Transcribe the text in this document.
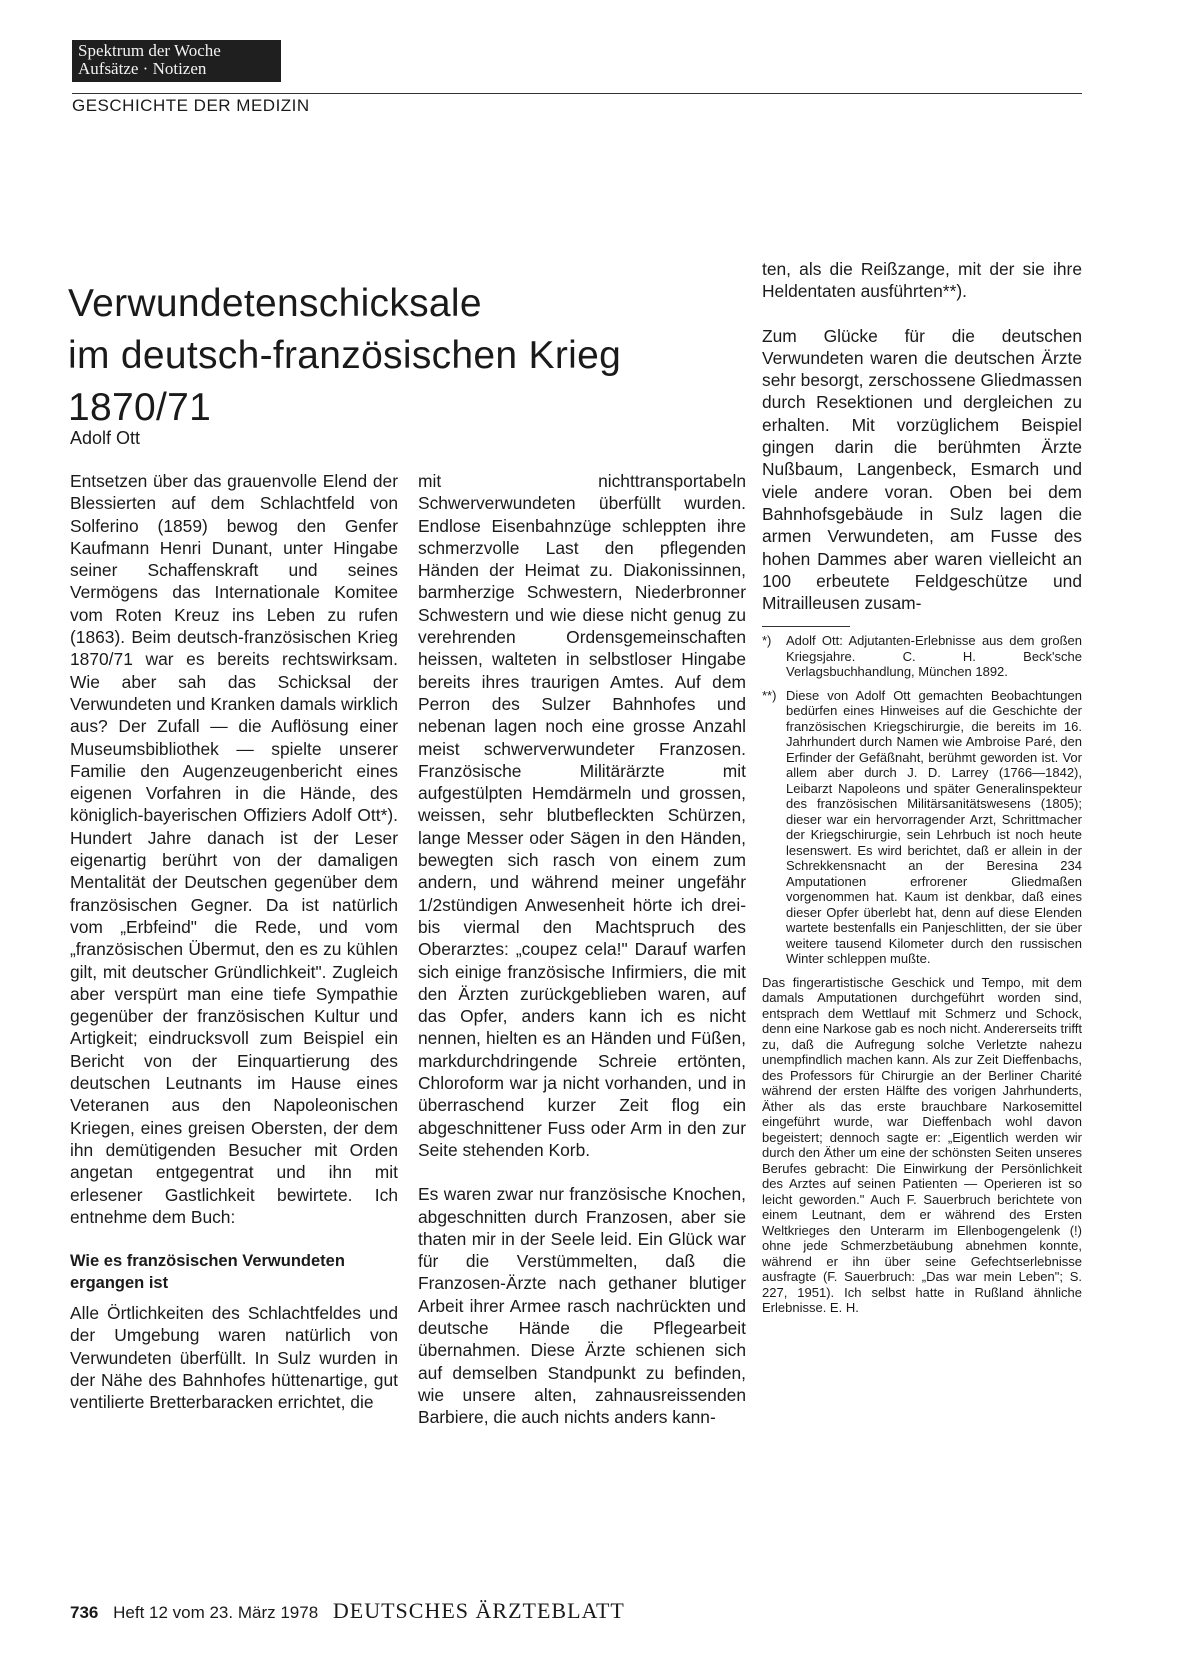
Spektrum der Woche
Aufsätze · Notizen
GESCHICHTE DER MEDIZIN
Verwundetenschicksale
im deutsch-französischen Krieg
1870/71
Adolf Ott

Entsetzen über das grauenvolle Elend der Blessierten auf dem Schlachtfeld von Solferino (1859) bewog den Genfer Kaufmann Henri Dunant, unter Hingabe seiner Schaffenskraft und seines Vermögens das Internationale Komitee vom Roten Kreuz ins Leben zu rufen (1863). Beim deutsch-französischen Krieg 1870/71 war es bereits rechtswirksam. Wie aber sah das Schicksal der Verwundeten und Kranken damals wirklich aus? Der Zufall — die Auflösung einer Museumsbibliothek — spielte unserer Familie den Augenzeugenbericht eines eigenen Vorfahren in die Hände, des königlich-bayerischen Offiziers Adolf Ott*). Hundert Jahre danach ist der Leser eigenartig berührt von der damaligen Mentalität der Deutschen gegenüber dem französischen Gegner. Da ist natürlich vom „Erbfeind" die Rede, und vom „französischen Übermut, den es zu kühlen gilt, mit deutscher Gründlichkeit". Zugleich aber verspürt man eine tiefe Sympathie gegenüber der französischen Kultur und Artigkeit; eindrucksvoll zum Beispiel ein Bericht von der Einquartierung des deutschen Leutnants im Hause eines Veteranen aus den Napoleonischen Kriegen, eines greisen Obersten, der dem ihn demütigenden Besucher mit Orden angetan entgegentrat und ihn mit erlesener Gastlichkeit bewirtete. Ich entnehme dem Buch:

Wie es französischen Verwundeten ergangen ist

Alle Örtlichkeiten des Schlachtfeldes und der Umgebung waren natürlich von Verwundeten überfüllt. In Sulz wurden in der Nähe des Bahnhofes hüttenartige, gut ventilierte Bretterbaracken errichtet, die

mit nichttransportabeln Schwerverwundeten überfüllt wurden. Endlose Eisenbahnzüge schleppten ihre schmerzvolle Last den pflegenden Händen der Heimat zu. Diakonissinnen, barmherzige Schwestern, Niederbronner Schwestern und wie diese nicht genug zu verehrenden Ordensgemeinschaften heissen, walteten in selbstloser Hingabe bereits ihres traurigen Amtes. Auf dem Perron des Sulzer Bahnhofes und nebenan lagen noch eine grosse Anzahl meist schwerverwundeter Franzosen. Französische Militärärzte mit aufgestülpten Hemdärmeln und grossen, weissen, sehr blutbefleckten Schürzen, lange Messer oder Sägen in den Händen, bewegten sich rasch von einem zum andern, und während meiner ungefähr 1/2stündigen Anwesenheit hörte ich drei- bis viermal den Machtspruch des Oberarztes: „coupez cela!" Darauf warfen sich einige französische Infirmiers, die mit den Ärzten zurückgeblieben waren, auf das Opfer, anders kann ich es nicht nennen, hielten es an Händen und Füßen, markdurchdringende Schreie ertönten, Chloroform war ja nicht vorhanden, und in überraschend kurzer Zeit flog ein abgeschnittener Fuss oder Arm in den zur Seite stehenden Korb.

Es waren zwar nur französische Knochen, abgeschnitten durch Franzosen, aber sie thaten mir in der Seele leid. Ein Glück war für die Verstümmelten, daß die Franzosen-Ärzte nach gethaner blutiger Arbeit ihrer Armee rasch nachrückten und deutsche Hände die Pflegearbeit übernahmen. Diese Ärzte schienen sich auf demselben Standpunkt zu befinden, wie unsere alten, zahnausreissenden Barbiere, die auch nichts anders kann-

ten, als die Reißzange, mit der sie ihre Heldentaten ausführten**).

Zum Glücke für die deutschen Verwundeten waren die deutschen Ärzte sehr besorgt, zerschossene Gliedmassen durch Resektionen und dergleichen zu erhalten. Mit vorzüglichem Beispiel gingen darin die berühmten Ärzte Nußbaum, Langenbeck, Esmarch und viele andere voran. Oben bei dem Bahnhofsgebäude in Sulz lagen die armen Verwundeten, am Fusse des hohen Dammes aber waren vielleicht an 100 erbeutete Feldgeschütze und Mitrailleusen zusam-

*)	Adolf Ott: Adjutanten-Erlebnisse aus dem großen Kriegsjahre. C. H. Beck'sche Verlagsbuchhandlung, München 1892.
**) Diese von Adolf Ott gemachten Beobachtungen bedürfen eines Hinweises auf die Geschichte der französischen Kriegschirurgie, die bereits im 16. Jahrhundert durch Namen wie Ambroise Paré, den Erfinder der Gefäßnaht, berühmt geworden ist. Vor allem aber durch J. D. Larrey (1766—1842), Leibarzt Napoleons und später Generalinspekteur des französischen Militärsanitätswesens (1805); dieser war ein hervorragender Arzt, Schrittmacher der Kriegschirurgie, sein Lehrbuch ist noch heute lesenswert. Es wird berichtet, daß er allein in der Schrekkensnacht an der Beresina 234 Amputationen erfrorener Gliedmaßen vorgenommen hat. Kaum ist denkbar, daß eines dieser Opfer überlebt hat, denn auf diese Elenden wartete bestenfalls ein Panjeschlitten, der sie über weitere tausend Kilometer durch den russischen Winter schleppen mußte.
Das fingerartistische Geschick und Tempo, mit dem damals Amputationen durchgeführt worden sind, entsprach dem Wettlauf mit Schmerz und Schock, denn eine Narkose gab es noch nicht. Andererseits trifft zu, daß die Aufregung solche Verletzte nahezu unempfindlich machen kann. Als zur Zeit Dieffenbachs, des Professors für Chirurgie an der Berliner Charité während der ersten Hälfte des vorigen Jahrhunderts, Äther als das erste brauchbare Narkosemittel eingeführt wurde, war Dieffenbach wohl davon begeistert; dennoch sagte er: „Eigentlich werden wir durch den Äther um eine der schönsten Seiten unseres Berufes gebracht: Die Einwirkung der Persönlichkeit des Arztes auf seinen Patienten — Operieren ist so leicht geworden." Auch F. Sauerbruch berichtete von einem Leutnant, dem er während des Ersten Weltkrieges den Unterarm im Ellenbogengelenk (!) ohne jede Schmerzbetäubung abnehmen konnte, während er ihn über seine Gefechtserlebnisse ausfragte (F. Sauerbruch: „Das war mein Leben"; S. 227, 1951). Ich selbst hatte in Rußland ähnliche Erlebnisse. E. H.
736 Heft 12 vom 23. März 1978 DEUTSCHES ÄRZTEBLATT
